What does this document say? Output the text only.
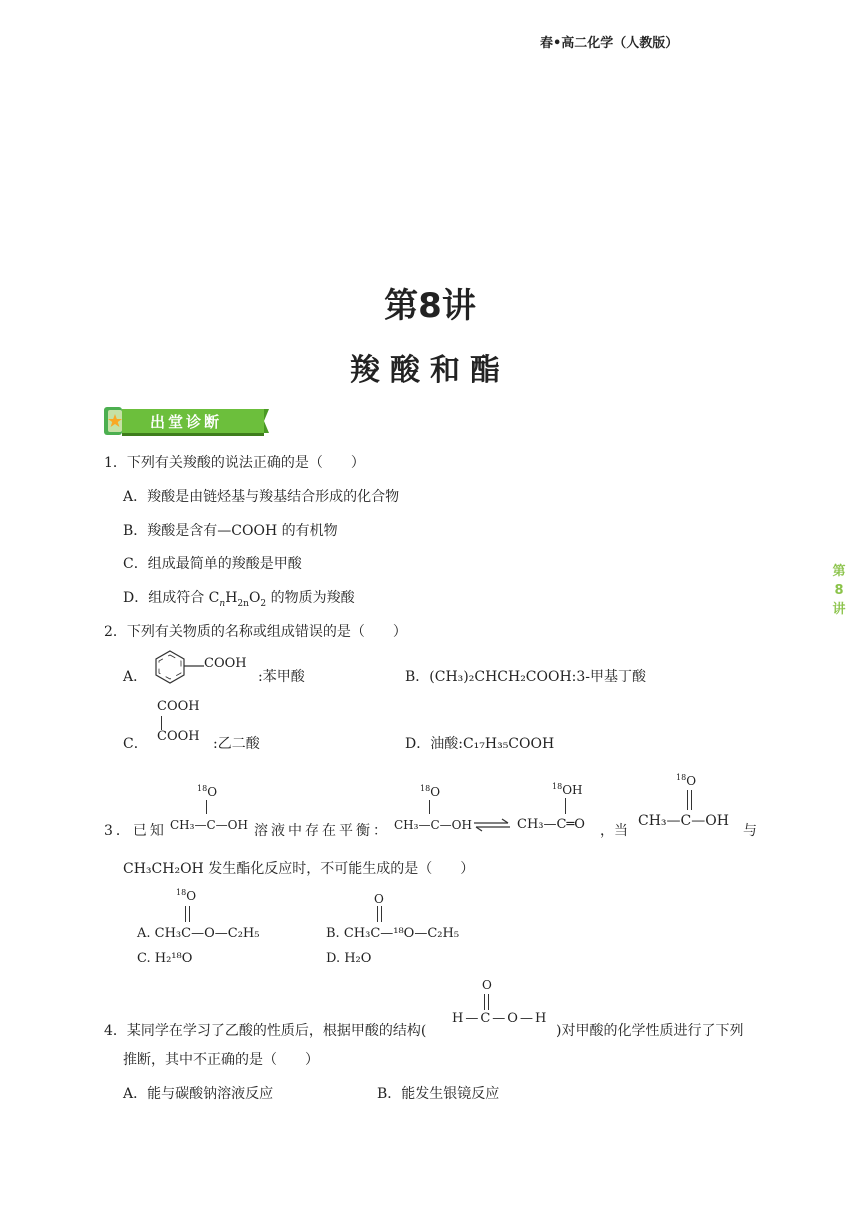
春•高二化学（人教版）
第8讲
羧酸和酯
出堂诊断
第
8
讲
1．下列有关羧酸的说法正确的是（　　）
A．羧酸是由链烃基与羧基结合形成的化合物
B．羧酸是含有—COOH 的有机物
C．组成最简单的羧酸是甲酸
D．组成符合 $C_nH_{2n}O_2$ 的物质为羧酸
2．下列有关物质的名称或组成错误的是（　　）
A．
COOH
:苯甲酸	B．(CH₃)₂CHCH₂COOH:3-甲基丁酸
COOH
C． COOH :乙二酸	D．油酸:C₁₇H₃₅COOH
3．已知
$^{18}$O
CH₃—C—OH 溶液中存在平衡：
$^{18}$O
CH₃—C—OH ⇌
$^{18}$OH
CH₃—C═O ，当
$^{18}$O
CH₃—C—OH
与
CH₃CH₂OH 发生酯化反应时，不可能生成的是（　　）
$^{18}$O
A. CH₃C—O—C₂H₅
O
B. CH₃C—¹⁸O—C₂H₅
C. H₂¹⁸O	D. H₂O
4．某同学在学习了乙酸的性质后，根据甲酸的结构(
O
H—C—O—H
)对甲酸的化学性质进行了下列
推断，其中不正确的是（　　）
A．能与碳酸钠溶液反应	B．能发生银镜反应
